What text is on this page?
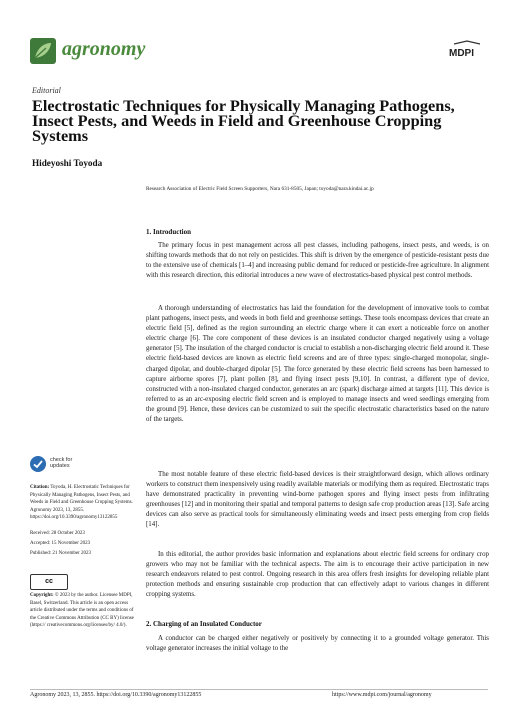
agronomy	MDPI
Editorial
Electrostatic Techniques for Physically Managing Pathogens, Insect Pests, and Weeds in Field and Greenhouse Cropping Systems
Hideyoshi Toyoda
Research Association of Electric Field Screen Supporters, Nara 631-8505, Japan; toyoda@nara.kindai.ac.jp
check for updates
Citation: Toyoda, H. Electrostatic Techniques for Physically Managing Pathogens, Insect Pests, and Weeds in Field and Greenhouse Cropping Systems. Agronomy 2023, 13, 2855. https://doi.org/10.3390/agronomy13122855
Received: 28 October 2023
Accepted: 15 November 2023
Published: 21 November 2023
cc
Copyright: © 2023 by the author. Licensee MDPI, Basel, Switzerland. This article is an open access article distributed under the terms and conditions of the Creative Commons Attribution (CC BY) license (https:// creativecommons.org/licenses/by/ 4.0/).
1. Introduction

The primary focus in pest management across all pest classes, including pathogens, insect pests, and weeds, is on shifting towards methods that do not rely on pesticides. This shift is driven by the emergence of pesticide-resistant pests due to the extensive use of chemicals [1–4] and increasing public demand for reduced or pesticide-free agriculture. In alignment with this research direction, this editorial introduces a new wave of electrostatics-based physical pest control methods.

A thorough understanding of electrostatics has laid the foundation for the development of innovative tools to combat plant pathogens, insect pests, and weeds in both field and greenhouse settings. These tools encompass devices that create an electric field [5], defined as the region surrounding an electric charge where it can exert a noticeable force on another electric charge [6]. The core component of these devices is an insulated conductor charged negatively using a voltage generator [5]. The insulation of the charged conductor is crucial to establish a non-discharging electric field around it. These electric field-based devices are known as electric field screens and are of three types: single-charged monopolar, single-charged dipolar, and double-charged dipolar [5]. The force generated by these electric field screens has been harnessed to capture airborne spores [7], plant pollen [8], and flying insect pests [9,10]. In contrast, a different type of device, constructed with a non-insulated charged conductor, generates an arc (spark) discharge aimed at targets [11]. This device is referred to as an arc-exposing electric field screen and is employed to manage insects and weed seedlings emerging from the ground [9]. Hence, these devices can be customized to suit the specific electrostatic characteristics based on the nature of the targets.

The most notable feature of these electric field-based devices is their straightforward design, which allows ordinary workers to construct them inexpensively using readily available materials or modifying them as required. Electrostatic traps have demonstrated practicality in preventing wind-borne pathogen spores and flying insect pests from infiltrating greenhouses [12] and in monitoring their spatial and temporal patterns to design safe crop production areas [13]. Safe arcing devices can also serve as practical tools for simultaneously eliminating weeds and insect pests emerging from crop fields [14].

In this editorial, the author provides basic information and explanations about electric field screens for ordinary crop growers who may not be familiar with the technical aspects. The aim is to encourage their active participation in new research endeavors related to pest control. Ongoing research in this area offers fresh insights for developing reliable plant protection methods and ensuring sustainable crop production that can effectively adapt to various changes in different cropping systems.

2. Charging of an Insulated Conductor

A conductor can be charged either negatively or positively by connecting it to a grounded voltage generator. This voltage generator increases the initial voltage to the

Agronomy 2023, 13, 2855. https://doi.org/10.3390/agronomy13122855	https://www.mdpi.com/journal/agronomy
